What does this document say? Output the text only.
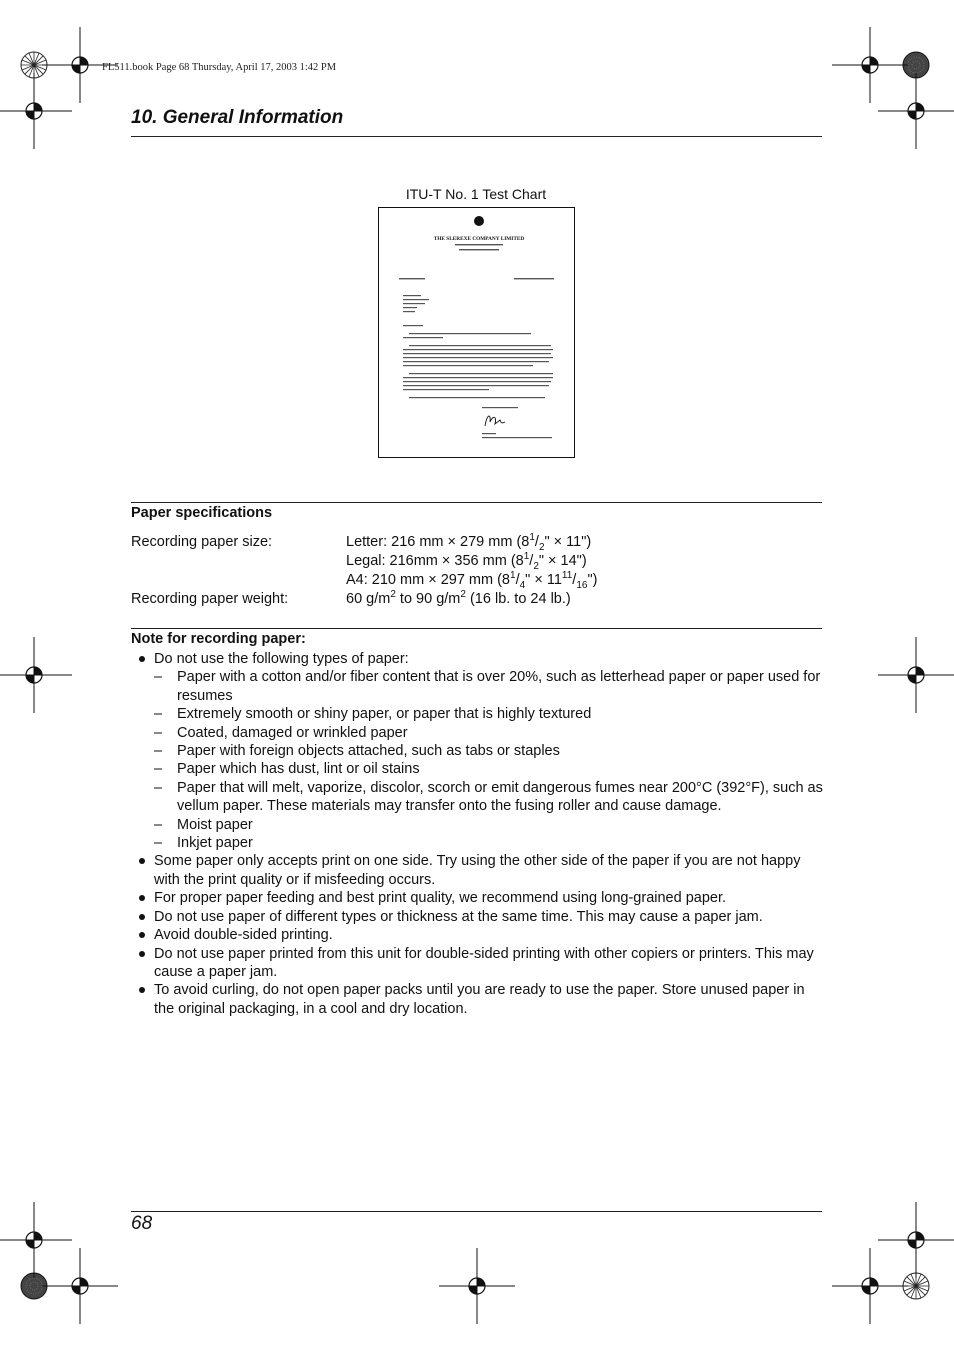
FL511.book Page 68 Thursday, April 17, 2003 1:42 PM
10. General Information
ITU-T No. 1 Test Chart
THE SLEREXE COMPANY LIMITED
Paper specifications
Recording paper size:	Letter: 216 mm × 279 mm ($8^1/_2$" × 11")
Legal: 216mm × 356 mm ($8^1/_2$" × 14")
A4: 210 mm × 297 mm ($8^1/_4$" × $11^{11}/_{16}$")
Recording paper weight:	60 $g/m^2$ to 90 $g/m^2$ (16 lb. to 24 lb.)
Note for recording paper:
Do not use the following types of paper:
– Paper with a cotton and/or fiber content that is over 20%, such as letterhead paper or paper used for resumes
– Extremely smooth or shiny paper, or paper that is highly textured
– Coated, damaged or wrinkled paper
– Paper with foreign objects attached, such as tabs or staples
– Paper which has dust, lint or oil stains
– Paper that will melt, vaporize, discolor, scorch or emit dangerous fumes near 200°C (392°F), such as vellum paper. These materials may transfer onto the fusing roller and cause damage.
– Moist paper
– Inkjet paper
Some paper only accepts print on one side. Try using the other side of the paper if you are not happy with the print quality or if misfeeding occurs.
For proper paper feeding and best print quality, we recommend using long-grained paper.
Do not use paper of different types or thickness at the same time. This may cause a paper jam.
Avoid double-sided printing.
Do not use paper printed from this unit for double-sided printing with other copiers or printers. This may cause a paper jam.
To avoid curling, do not open paper packs until you are ready to use the paper. Store unused paper in the original packaging, in a cool and dry location.
68
